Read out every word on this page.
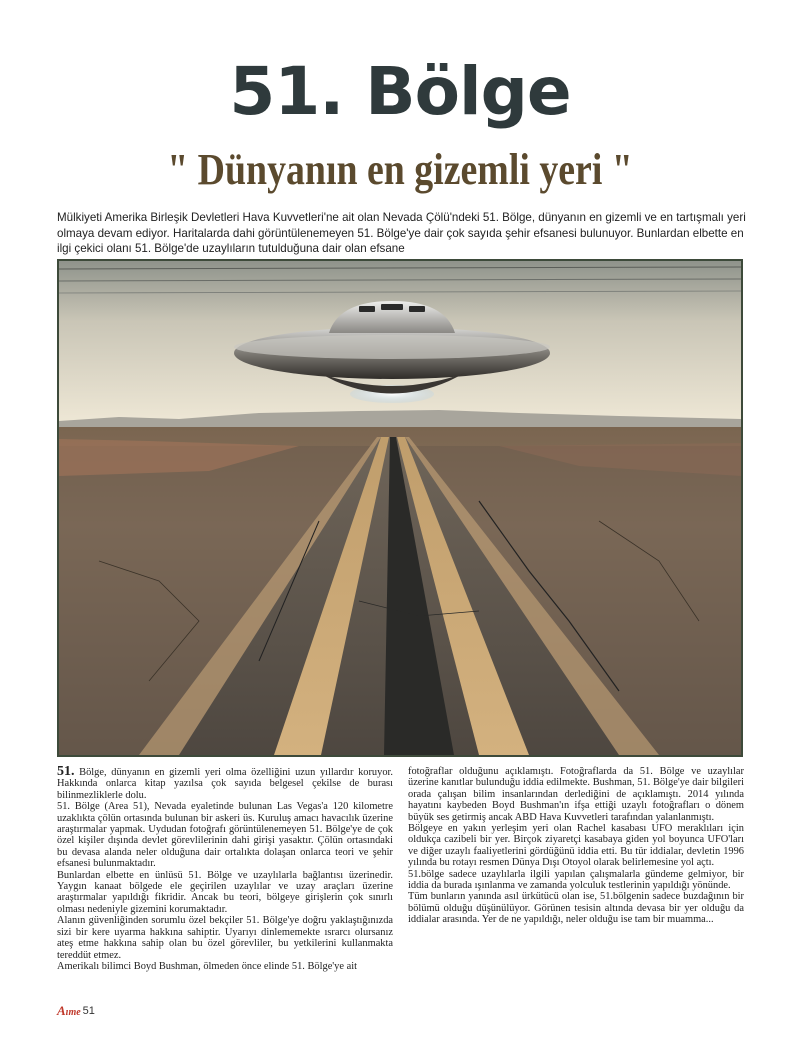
51. Bölge
" Dünyanın en gizemli yeri "
Mülkiyeti Amerika Birleşik Devletleri Hava Kuvvetleri'ne ait olan Nevada Çölü'ndeki 51. Bölge, dünyanın en gizemli ve en tartışmalı yeri olmaya devam ediyor. Haritalarda dahi görüntülenemeyen 51. Bölge'ye dair çok sayıda şehir efsanesi bulunuyor. Bunlardan elbette en ilgi çekici olanı 51. Bölge'de uzaylıların tutulduğuna dair olan efsane

51. Bölge, dünyanın en gizemli yeri olma özelliğini uzun yıllardır koruyor. Hakkında onlarca kitap yazılsa çok sayıda belgesel çekilse de burası bilinmezliklerle dolu.

51. Bölge (Area 51), Nevada eyaletinde bulunan Las Vegas'a 120 kilometre uzaklıkta çölün ortasında bulunan bir askeri üs. Kuruluş amacı havacılık üzerine araştırmalar yapmak. Uydudan fotoğrafı görüntülenemeyen 51. Bölge'ye de çok özel kişiler dışında devlet görevlilerinin dahi girişi yasaktır. Çölün ortasındaki bu devasa alanda neler olduğuna dair ortalıkta dolaşan onlarca teori ve şehir efsanesi bulunmaktadır.

Bunlardan elbette en ünlüsü 51. Bölge ve uzaylılarla bağlantısı üzerinedir. Yaygın kanaat bölgede ele geçirilen uzaylılar ve uzay araçları üzerine araştırmalar yapıldığı fikridir. Ancak bu teori, bölgeye girişlerin çok sınırlı olması nedeniyle gizemini korumaktadır.

Alanın güvenliğinden sorumlu özel bekçiler 51. Bölge'ye doğru yaklaştığınızda sizi bir kere uyarma hakkına sahiptir. Uyarıyı dinlememekte ısrarcı olursanız ateş etme hakkına sahip olan bu özel görevliler, bu yetkilerini kullanmakta tereddüt etmez.

Amerikalı bilimci Boyd Bushman, ölmeden önce elinde 51. Bölge'ye ait

fotoğraflar olduğunu açıklamıştı. Fotoğraflarda da 51. Bölge ve uzaylılar üzerine kanıtlar bulunduğu iddia edilmekte. Bushman, 51. Bölge'ye dair bilgileri orada çalışan bilim insanlarından derlediğini de açıklamıştı. 2014 yılında hayatını kaybeden Boyd Bushman'ın ifşa ettiği uzaylı fotoğrafları o dönem büyük ses getirmiş ancak ABD Hava Kuvvetleri tarafından yalanlanmıştı.

Bölgeye en yakın yerleşim yeri olan Rachel kasabası UFO meraklıları için oldukça cazibeli bir yer. Birçok ziyaretçi kasabaya giden yol boyunca UFO'ları ve diğer uzaylı faaliyetlerini gördüğünü iddia etti. Bu tür iddialar, devletin 1996 yılında bu rotayı resmen Dünya Dışı Otoyol olarak belirlemesine yol açtı.

51.bölge sadece uzaylılarla ilgili yapılan çalışmalarla gündeme gelmiyor, bir iddia da burada ışınlanma ve zamanda yolculuk testlerinin yapıldığı yönünde.

Tüm bunların yanında asıl ürkütücü olan ise, 51.bölgenin sadece buzdağının bir bölümü olduğu düşünülüyor. Görünen tesisin altında devasa bir yer olduğu da iddialar arasında. Yer de ne yapıldığı, neler olduğu ise tam bir muamma...

Aıme 51
